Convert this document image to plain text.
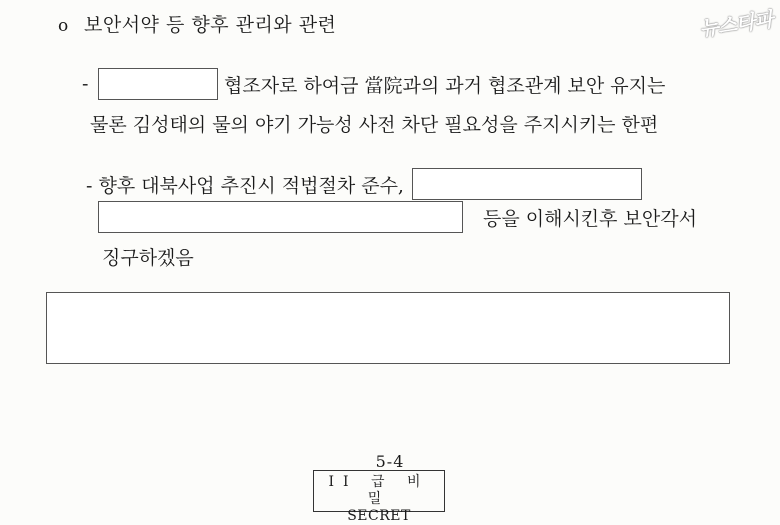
o 보안서약 등 향후 관리와 관련	뉴스타파
-	협조자로 하여금 當院과의 과거 협조관계 보안 유지는
물론 김성태의 물의 야기 가능성 사전 차단 필요성을 주지시키는 한편
- 향후 대북사업 추진시 적법절차 준수,
등을 이해시킨후 보안각서
징구하겠음
5-4
II 급 비 밀
SECRET
